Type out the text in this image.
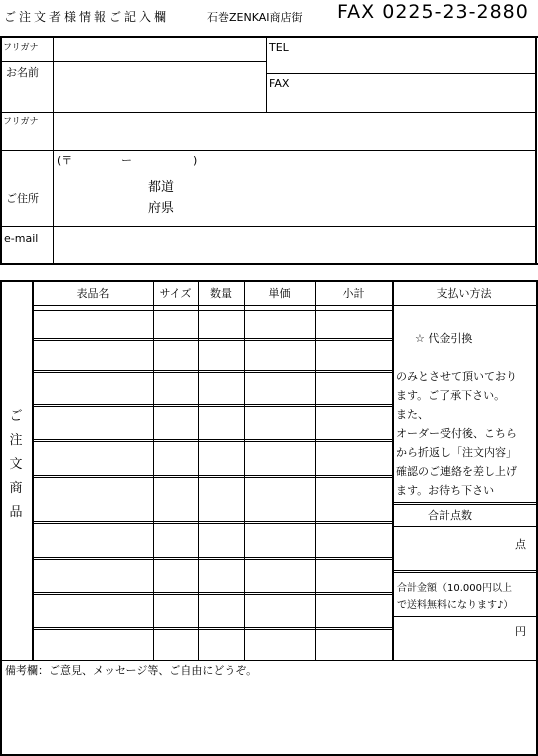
ご注文者様情報ご記入欄	石巻ZENKAI商店街 FAX 0225-23-2880
フリガナ
お名前
TEL
FAX
フリガナ
ご住所
(〒	ー	)
都道
府県
e-mail
ご
注
文
商
品
表品名	サイズ	数量	単価	小計	支払い方法
☆ 代金引換
のみとさせて頂いており
ます。ご了承下さい。
また、
オーダー受付後、こちら
から折返し「注文内容」
確認のご連絡を差し上げ
ます。お待ち下さい
合計点数
点
合計金額（10.000円以上
で送料無料になります♪）
円
備考欄：ご意見、メッセージ等、ご自由にどうぞ。
